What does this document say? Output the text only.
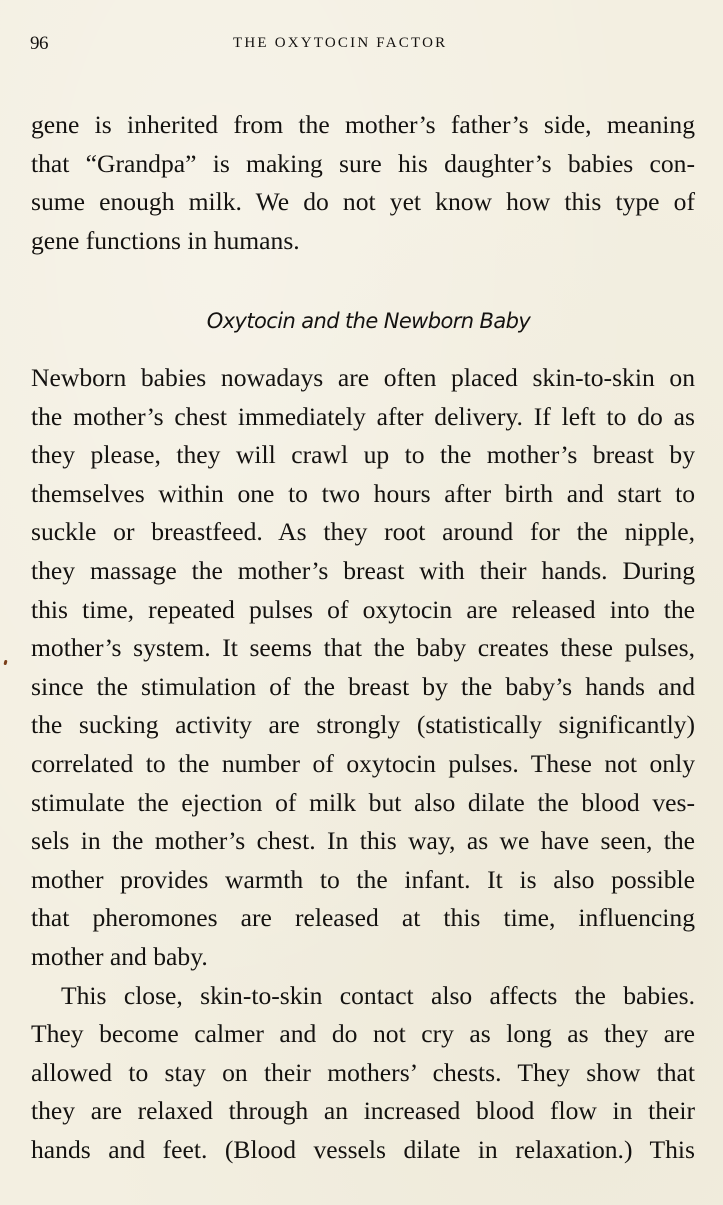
96	THE OXYTOCIN FACTOR
gene is inherited from the mother’s father’s side, meaning
that “Grandpa” is making sure his daughter’s babies con-
sume enough milk. We do not yet know how this type of
gene functions in humans.
Oxytocin and the Newborn Baby
Newborn babies nowadays are often placed skin-to-skin on
the mother’s chest immediately after delivery. If left to do as
they please, they will crawl up to the mother’s breast by
themselves within one to two hours after birth and start to
suckle or breastfeed. As they root around for the nipple,
they massage the mother’s breast with their hands. During
this time, repeated pulses of oxytocin are released into the
mother’s system. It seems that the baby creates these pulses,
since the stimulation of the breast by the baby’s hands and
the sucking activity are strongly (statistically significantly)
correlated to the number of oxytocin pulses. These not only
stimulate the ejection of milk but also dilate the blood ves-
sels in the mother’s chest. In this way, as we have seen, the
mother provides warmth to the infant. It is also possible
that pheromones are released at this time, influencing
mother and baby.
This close, skin-to-skin contact also affects the babies.
They become calmer and do not cry as long as they are
allowed to stay on their mothers’ chests. They show that
they are relaxed through an increased blood flow in their
hands and feet. (Blood vessels dilate in relaxation.) This
